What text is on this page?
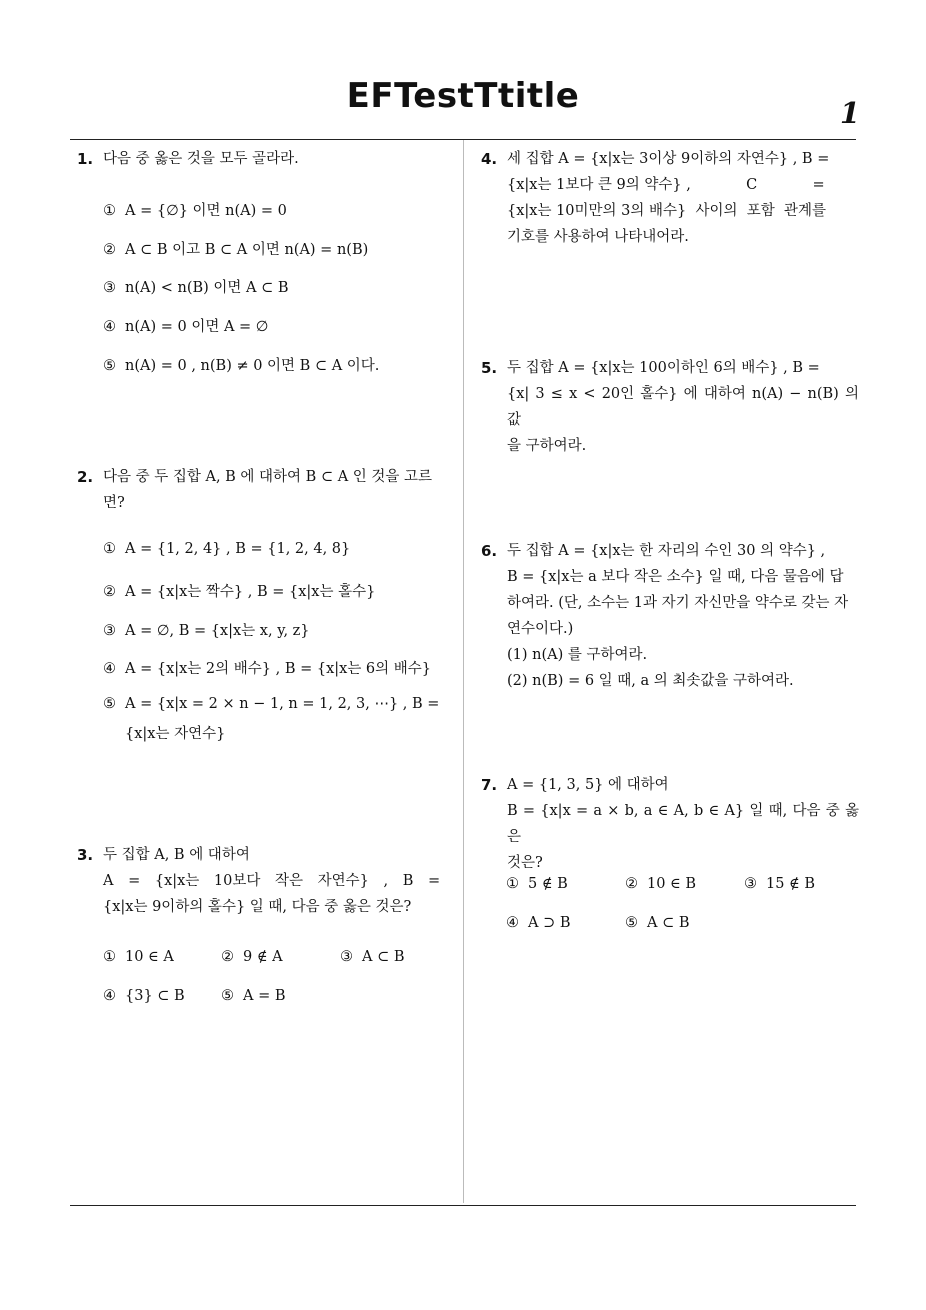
EFTestTtitle	1
1. 다음 중 옳은 것을 모두 골라라.
① A = {∅} 이면 n(A) = 0
② A ⊂ B 이고 B ⊂ A 이면 n(A) = n(B)
③ n(A) < n(B) 이면 A ⊂ B
④ n(A) = 0 이면 A = ∅
⑤ n(A) = 0 , n(B) ≠ 0 이면 B ⊂ A 이다.
2. 다음 중 두 집합 A, B 에 대하여 B ⊂ A 인 것을 고르
면?
① A = {1, 2, 4} , B = {1, 2, 4, 8}
② A = {x|x는 짝수} , B = {x|x는 홀수}
③ A = ∅, B = {x|x는 x, y, z}
④ A = {x|x는 2의 배수} , B = {x|x는 6의 배수}
⑤ A = {x|x = 2 × n − 1, n = 1, 2, 3, ⋯} , B =
{x|x는 자연수}
3. 두 집합 A, B 에 대하여
A = {x|x는 10보다 작은 자연수} , B =
{x|x는 9이하의 홀수} 일 때, 다음 중 옳은 것은?
① 10 ∈ A	② 9 ∉ A	③ A ⊂ B
④ {3} ⊂ B	⑤ A = B
4. 세 집합 A = {x|x는 3이상 9이하의 자연수} , B =
{x|x는 1보다 큰 9의 약수} ,            C            =
{x|x는 10미만의 3의 배수}  사이의  포함  관계를
기호를 사용하여 나타내어라.
5. 두 집합 A = {x|x는 100이하인 6의 배수} , B =
{x| 3 ≤ x < 20인 홀수} 에 대하여 n(A) − n(B) 의 값
을 구하여라.
6. 두 집합 A = {x|x는 한 자리의 수인 30 의 약수} ,
B = {x|x는 a 보다 작은 소수} 일 때, 다음 물음에 답
하여라. (단, 소수는 1과 자기 자신만을 약수로 갖는 자
연수이다.)
(1) n(A) 를 구하여라.
(2) n(B) = 6 일 때, a 의 최솟값을 구하여라.
7. A = {1, 3, 5} 에 대하여
B = {x|x = a × b, a ∈ A, b ∈ A} 일 때, 다음 중 옳은
것은?
① 5 ∉ B	② 10 ∈ B	③ 15 ∉ B
④ A ⊃ B	⑤ A ⊂ B
